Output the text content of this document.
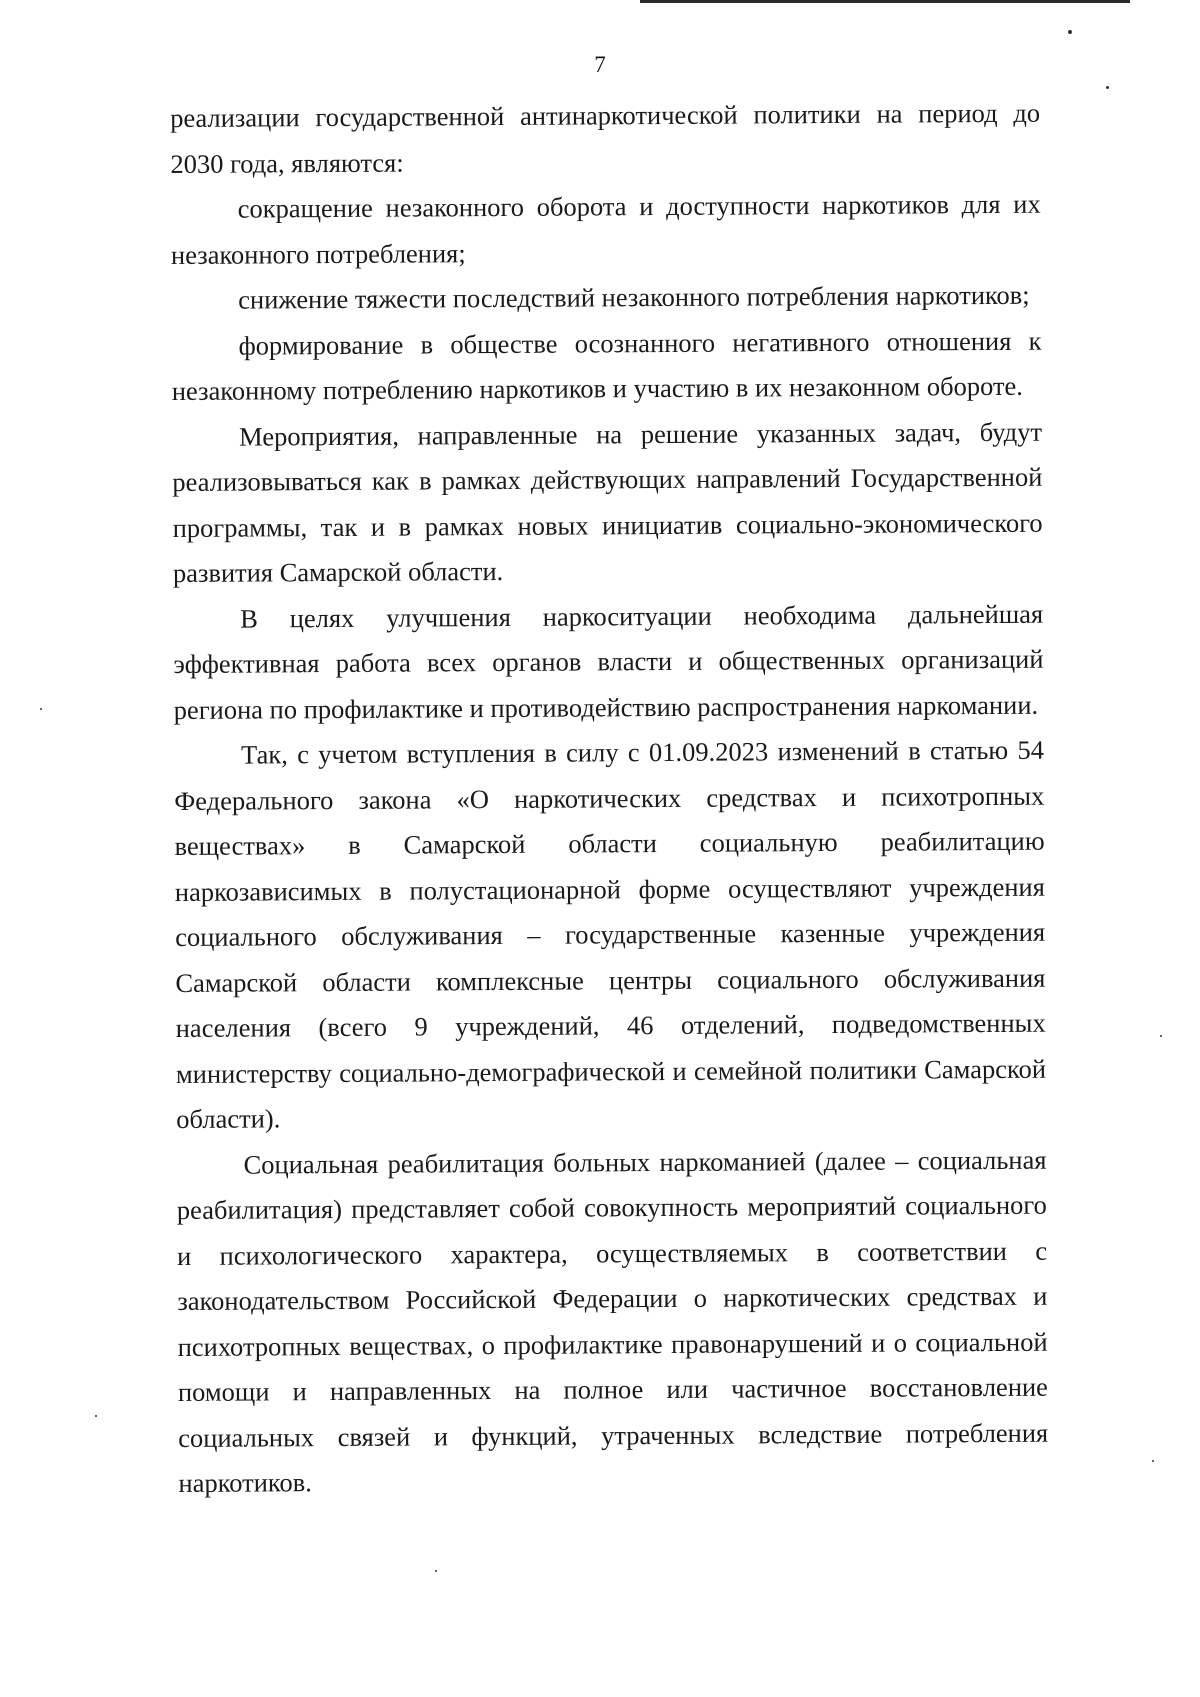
7

реализации государственной антинаркотической политики на период до 2030 года, являются:

сокращение незаконного оборота и доступности наркотиков для их незаконного потребления;

снижение тяжести последствий незаконного потребления наркотиков;

формирование в обществе осознанного негативного отношения к незаконному потреблению наркотиков и участию в их незаконном обороте.

Мероприятия, направленные на решение указанных задач, будут реализовываться как в рамках действующих направлений Государственной программы, так и в рамках новых инициатив социально-экономического развития Самарской области.

В целях улучшения наркоситуации необходима дальнейшая эффективная работа всех органов власти и общественных организаций региона по профилактике и противодействию распространения наркомании.

Так, с учетом вступления в силу с 01.09.2023 изменений в статью 54 Федерального закона «О наркотических средствах и психотропных веществах» в Самарской области социальную реабилитацию наркозависимых в полустационарной форме осуществляют учреждения социального обслуживания – государственные казенные учреждения Самарской области комплексные центры социального обслуживания населения (всего 9 учреждений, 46 отделений, подведомственных министерству социально-демографической и семейной политики Самарской области).

Социальная реабилитация больных наркоманией (далее – социальная реабилитация) представляет собой совокупность мероприятий социального и психологического характера, осуществляемых в соответствии с законодательством Российской Федерации о наркотических средствах и психотропных веществах, о профилактике правонарушений и о социальной помощи и направленных на полное или частичное восстановление социальных связей и функций, утраченных вследствие потребления наркотиков.
